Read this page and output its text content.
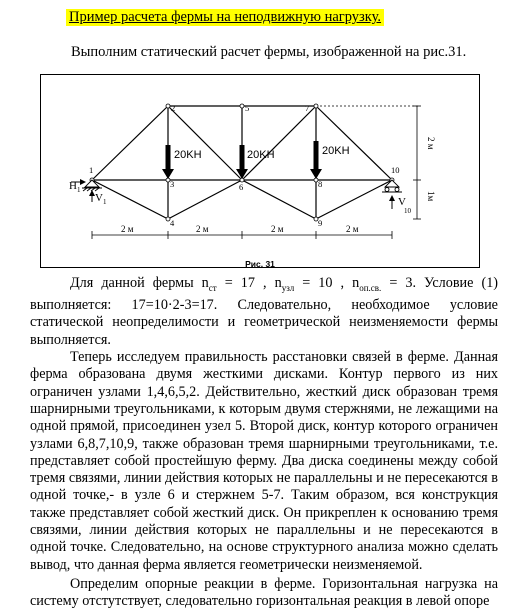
Пример расчета фермы на неподвижную нагрузку.
Выполним статический расчет фермы, изображенной на рис.31.
1
2
3
4
5
6
7
8
9
10
20KH	20KH	20KH
$H_1$
$V_1$	V 10
2 м	2 м	2 м	2 м
2 м
1м
Рис. 31

Для данной фермы $n_{ст} = 17$ , $n_{узл} = 10$ , $n_{оп.св.} = 3$. Условие (1) выполняется: 17=10·2-3=17. Следовательно, необходимое условие статической неопределимости и геометрической неизменяемости фермы выполняется.

Теперь исследуем правильность расстановки связей в ферме. Данная ферма образована двумя жесткими дисками. Контур первого из них ограничен узлами 1,4,6,5,2. Действительно, жесткий диск образован тремя шарнирными треугольниками, к которым двумя стержнями, не лежащими на одной прямой, присоединен узел 5. Второй диск, контур которого ограничен узлами 6,8,7,10,9, также образован тремя шарнирными треугольниками, т.е. представляет собой простейшую ферму. Два диска соединены между собой тремя связями, линии действия которых не параллельны и не пересекаются в одной точке,- в узле 6 и стержнем 5-7. Таким образом, вся конструкция также представляет собой жесткий диск. Он прикреплен к основанию тремя связями, линии действия которых не параллельны и не пересекаются в одной точке. Следовательно, на основе структурного анализа можно сделать вывод, что данная ферма является геометрически неизменяемой.

Определим опорные реакции в ферме. Горизонтальная нагрузка на систему отстутствует, следовательно горизонтальная реакция в левой опоре
